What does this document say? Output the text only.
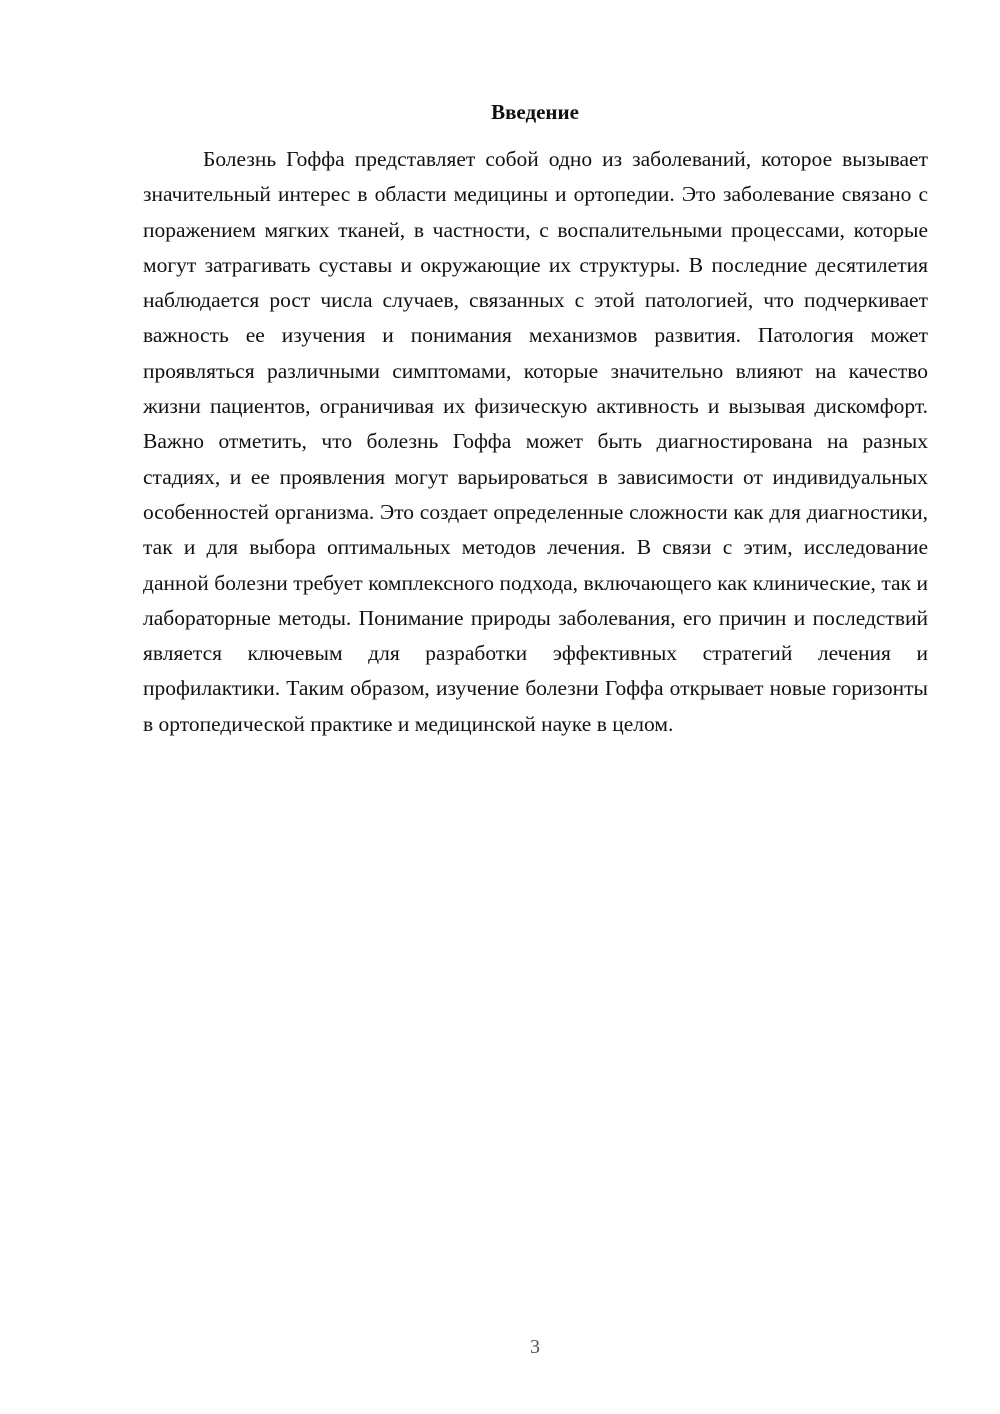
Введение

Болезнь Гоффа представляет собой одно из заболеваний, которое вызывает значительный интерес в области медицины и ортопедии. Это заболевание связано с поражением мягких тканей, в частности, с воспалительными процессами, которые могут затрагивать суставы и окружающие их структуры. В последние десятилетия наблюдается рост числа случаев, связанных с этой патологией, что подчеркивает важность ее изучения и понимания механизмов развития. Патология может проявляться различными симптомами, которые значительно влияют на качество жизни пациентов, ограничивая их физическую активность и вызывая дискомфорт. Важно отметить, что болезнь Гоффа может быть диагностирована на разных стадиях, и ее проявления могут варьироваться в зависимости от индивидуальных особенностей организма. Это создает определенные сложности как для диагностики, так и для выбора оптимальных методов лечения. В связи с этим, исследование данной болезни требует комплексного подхода, включающего как клинические, так и лабораторные методы. Понимание природы заболевания, его причин и последствий является ключевым для разработки эффективных стратегий лечения и профилактики. Таким образом, изучение болезни Гоффа открывает новые горизонты в ортопедической практике и медицинской науке в целом.

3
